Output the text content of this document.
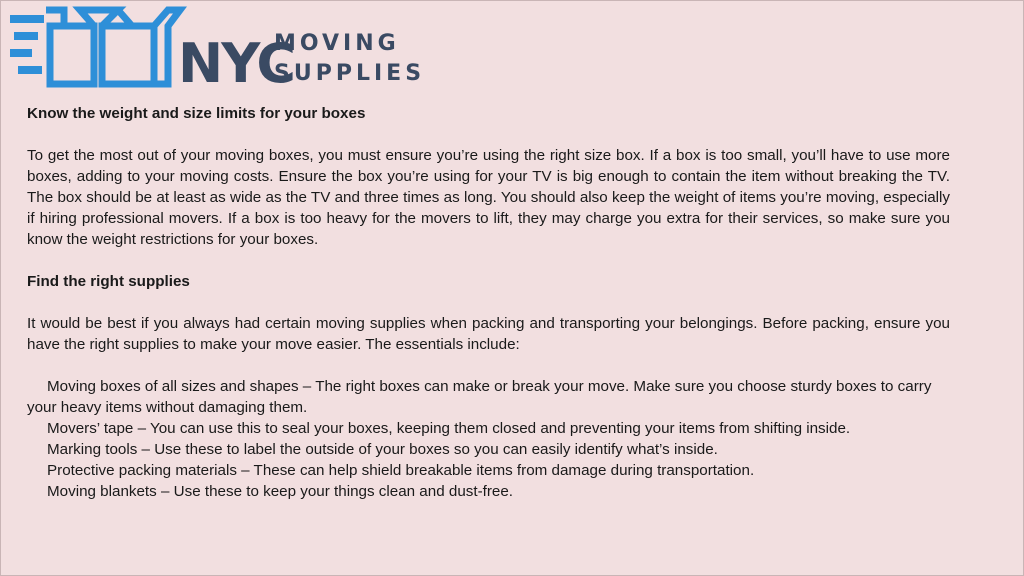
NYC
MOVING
SUPPLIES

Know the weight and size limits for your boxes

To get the most out of your moving boxes, you must ensure you’re using the right size box. If a box is too small, you’ll have to use more boxes, adding to your moving costs. Ensure the box you’re using for your TV is big enough to contain the item without breaking the TV. The box should be at least as wide as the TV and three times as long. You should also keep the weight of items you’re moving, especially if hiring professional movers. If a box is too heavy for the movers to lift, they may charge you extra for their services, so make sure you know the weight restrictions for your boxes.

Find the right supplies

It would be best if you always had certain moving supplies when packing and transporting your belongings. Before packing, ensure you have the right supplies to make your move easier. The essentials include:

Moving boxes of all sizes and shapes – The right boxes can make or break your move. Make sure you choose sturdy boxes to carry your heavy items without damaging them.

Movers’ tape – You can use this to seal your boxes, keeping them closed and preventing your items from shifting inside.

Marking tools – Use these to label the outside of your boxes so you can easily identify what’s inside.

Protective packing materials – These can help shield breakable items from damage during transportation.

Moving blankets – Use these to keep your things clean and dust-free.
